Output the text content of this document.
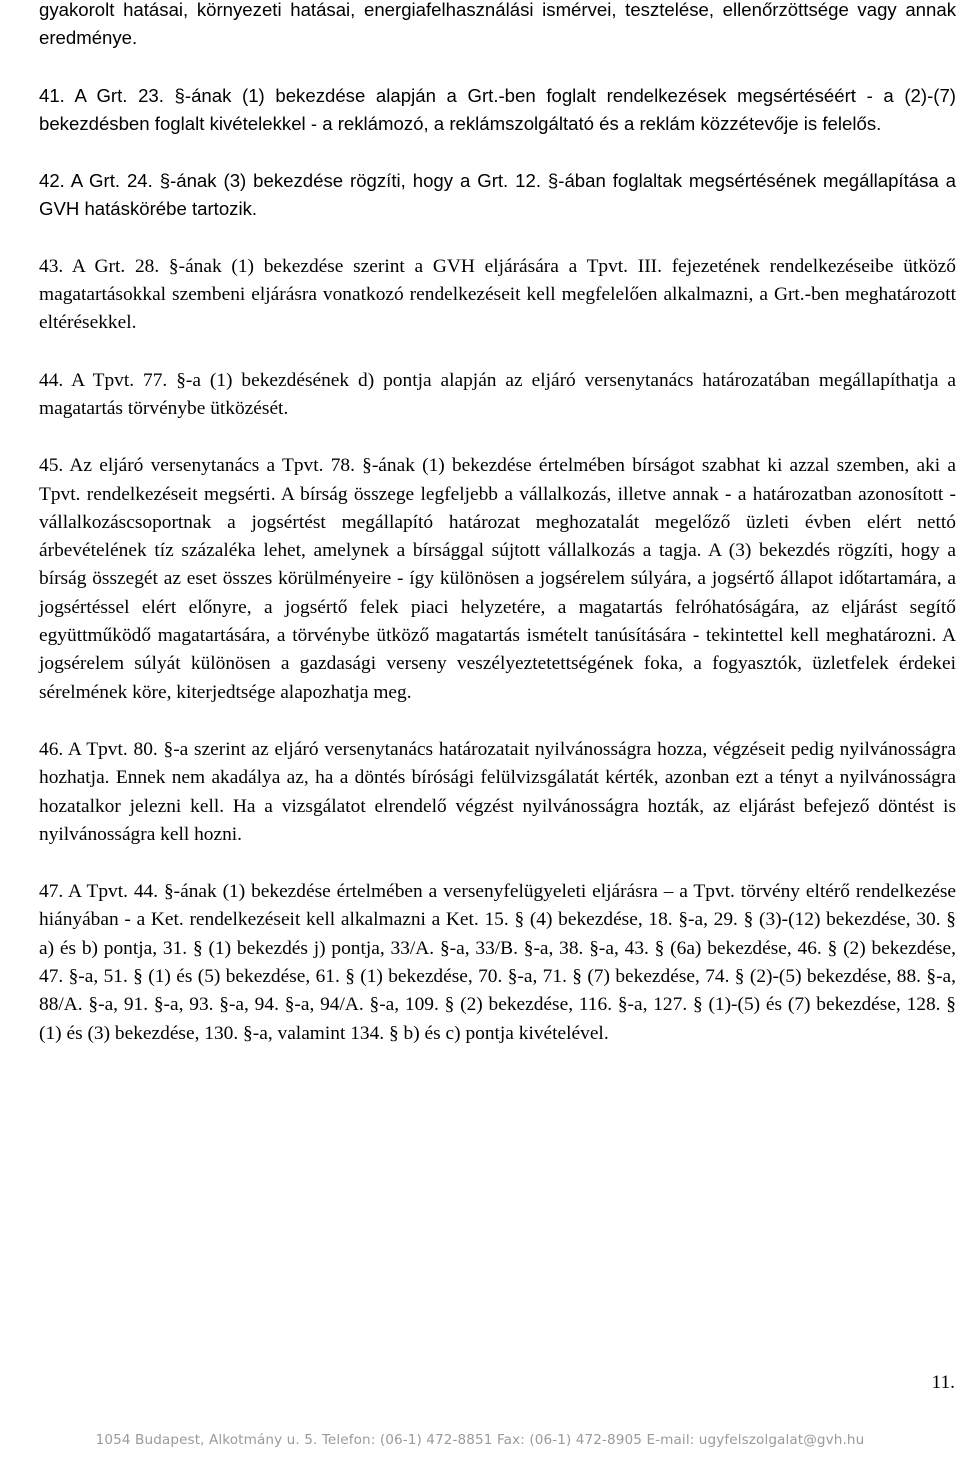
gyakorolt hatásai, környezeti hatásai, energiafelhasználási ismérvei, tesztelése, ellenőrzöttsége vagy annak eredménye.

41. A Grt. 23. §-ának (1) bekezdése alapján a Grt.-ben foglalt rendelkezések megsértéséért - a (2)-(7) bekezdésben foglalt kivételekkel - a reklámozó, a reklámszolgáltató és a reklám közzétevője is felelős.

42. A Grt. 24. §-ának (3) bekezdése rögzíti, hogy a Grt. 12. §-ában foglaltak megsértésének megállapítása a GVH hatáskörébe tartozik.

43. A Grt. 28. §-ának (1) bekezdése szerint a GVH eljárására a Tpvt. III. fejezetének rendelkezéseibe ütköző magatartásokkal szembeni eljárásra vonatkozó rendelkezéseit kell megfelelően alkalmazni, a Grt.-ben meghatározott eltérésekkel.

44. A Tpvt. 77. §-a (1) bekezdésének d) pontja alapján az eljáró versenytanács határozatában megállapíthatja a magatartás törvénybe ütközését.

45. Az eljáró versenytanács a Tpvt. 78. §-ának (1) bekezdése értelmében bírságot szabhat ki azzal szemben, aki a Tpvt. rendelkezéseit megsérti. A bírság összege legfeljebb a vállalkozás, illetve annak - a határozatban azonosított - vállalkozáscsoportnak a jogsértést megállapító határozat meghozatalát megelőző üzleti évben elért nettó árbevételének tíz százaléka lehet, amelynek a bírsággal sújtott vállalkozás a tagja. A (3) bekezdés rögzíti, hogy a bírság összegét az eset összes körülményeire - így különösen a jogsérelem súlyára, a jogsértő állapot időtartamára, a jogsértéssel elért előnyre, a jogsértő felek piaci helyzetére, a magatartás felróhatóságára, az eljárást segítő együttműködő magatartására, a törvénybe ütköző magatartás ismételt tanúsítására - tekintettel kell meghatározni. A jogsérelem súlyát különösen a gazdasági verseny veszélyeztetettségének foka, a fogyasztók, üzletfelek érdekei sérelmének köre, kiterjedtsége alapozhatja meg.

46. A Tpvt. 80. §-a szerint az eljáró versenytanács határozatait nyilvánosságra hozza, végzéseit pedig nyilvánosságra hozhatja. Ennek nem akadálya az, ha a döntés bírósági felülvizsgálatát kérték, azonban ezt a tényt a nyilvánosságra hozatalkor jelezni kell. Ha a vizsgálatot elrendelő végzést nyilvánosságra hozták, az eljárást befejező döntést is nyilvánosságra kell hozni.

47. A Tpvt. 44. §-ának (1) bekezdése értelmében a versenyfelügyeleti eljárásra – a Tpvt. törvény eltérő rendelkezése hiányában - a Ket. rendelkezéseit kell alkalmazni a Ket. 15. § (4) bekezdése, 18. §-a, 29. § (3)-(12) bekezdése, 30. § a) és b) pontja, 31. § (1) bekezdés j) pontja, 33/A. §-a, 33/B. §-a, 38. §-a, 43. § (6a) bekezdése, 46. § (2) bekezdése, 47. §-a, 51. § (1) és (5) bekezdése, 61. § (1) bekezdése, 70. §-a, 71. § (7) bekezdése, 74. § (2)-(5) bekezdése, 88. §-a, 88/A. §-a, 91. §-a, 93. §-a, 94. §-a, 94/A. §-a, 109. § (2) bekezdése, 116. §-a, 127. § (1)-(5) és (7) bekezdése, 128. § (1) és (3) bekezdése, 130. §-a, valamint 134. § b) és c) pontja kivételével.

11.

1054 Budapest, Alkotmány u. 5. Telefon: (06-1) 472-8851 Fax: (06-1) 472-8905 E-mail: ugyfelszolgalat@gvh.hu
